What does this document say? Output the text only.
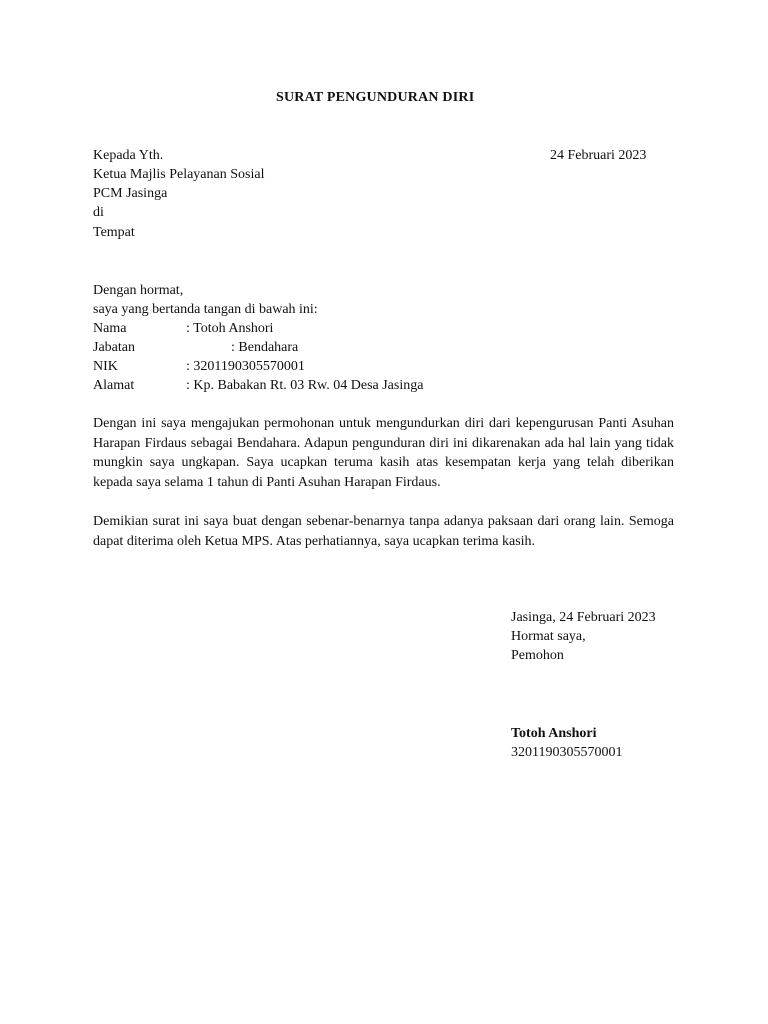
SURAT PENGUNDURAN DIRI
24 Februari 2023
Kepada Yth.
Ketua Majlis Pelayanan Sosial
PCM Jasinga
di
Tempat
Dengan hormat,
saya yang bertanda tangan di bawah ini:
Nama	: Totoh Anshori
Jabatan	: Bendahara
NIK	: 3201190305570001
Alamat	: Kp. Babakan Rt. 03 Rw. 04 Desa Jasinga
Dengan ini saya mengajukan permohonan untuk mengundurkan diri dari kepengurusan Panti Asuhan Harapan Firdaus sebagai Bendahara. Adapun pengunduran diri ini dikarenakan ada hal lain yang tidak mungkin saya ungkapan. Saya ucapkan teruma kasih atas kesempatan kerja yang telah diberikan kepada saya selama 1 tahun di Panti Asuhan Harapan Firdaus.
Demikian surat ini saya buat dengan sebenar-benarnya tanpa adanya paksaan dari orang lain. Semoga dapat diterima oleh Ketua MPS. Atas perhatiannya, saya ucapkan terima kasih.
Jasinga, 24 Februari 2023
Hormat saya,
Pemohon
Totoh Anshori
3201190305570001
